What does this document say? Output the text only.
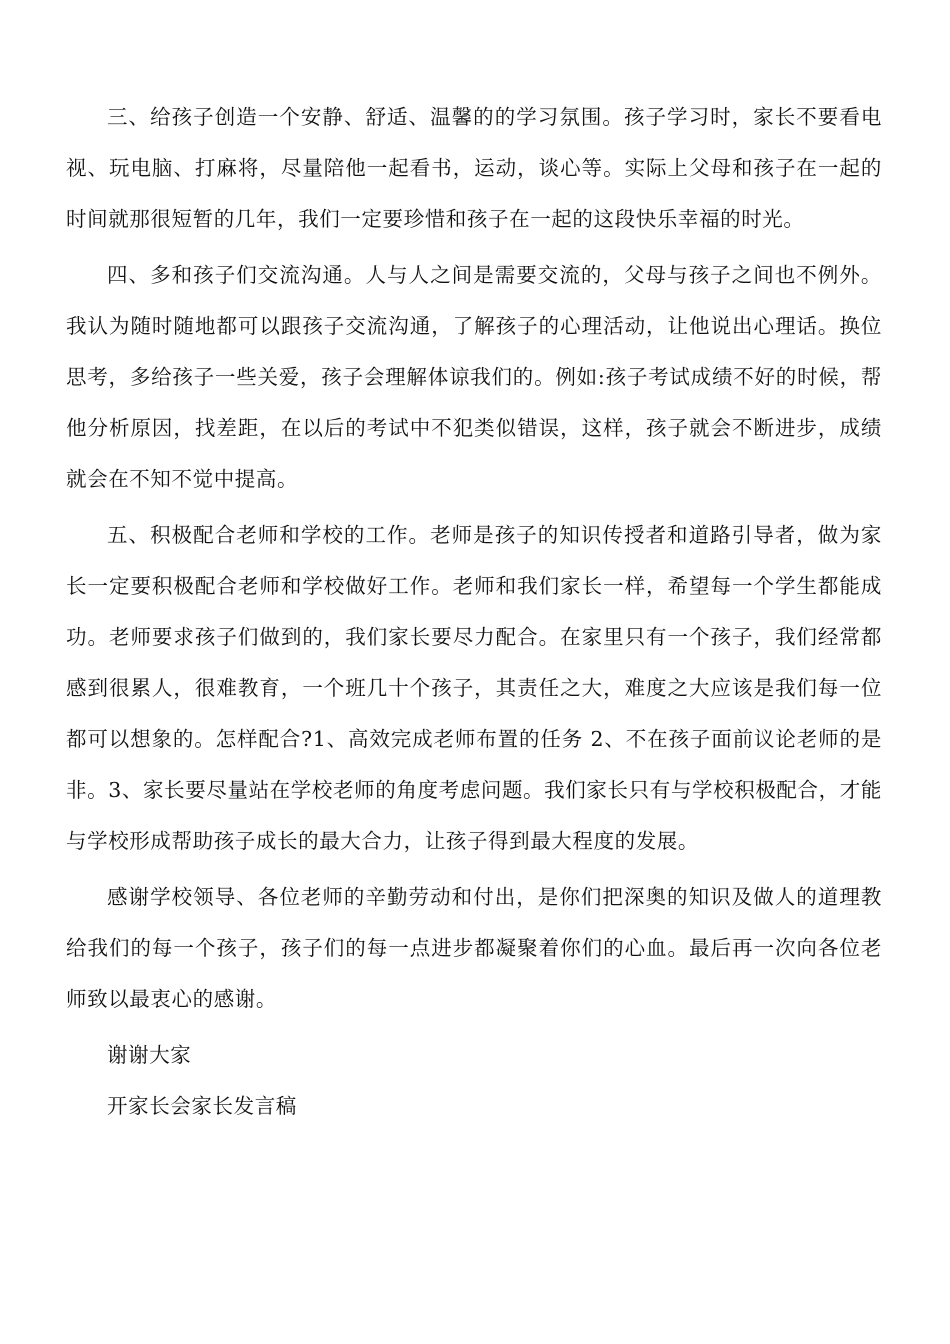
三、给孩子创造一个安静、舒适、温馨的的学习氛围。孩子学习时，家长不要看电视、玩电脑、打麻将，尽量陪他一起看书，运动，谈心等。实际上父母和孩子在一起的时间就那很短暂的几年，我们一定要珍惜和孩子在一起的这段快乐幸福的时光。

四、多和孩子们交流沟通。人与人之间是需要交流的，父母与孩子之间也不例外。我认为随时随地都可以跟孩子交流沟通，了解孩子的心理活动，让他说出心理话。换位思考，多给孩子一些关爱，孩子会理解体谅我们的。例如:孩子考试成绩不好的时候，帮他分析原因，找差距，在以后的考试中不犯类似错误，这样，孩子就会不断进步，成绩就会在不知不觉中提高。

五、积极配合老师和学校的工作。老师是孩子的知识传授者和道路引导者，做为家长一定要积极配合老师和学校做好工作。老师和我们家长一样，希望每一个学生都能成功。老师要求孩子们做到的，我们家长要尽力配合。在家里只有一个孩子，我们经常都感到很累人，很难教育，一个班几十个孩子，其责任之大，难度之大应该是我们每一位都可以想象的。怎样配合?1、高效完成老师布置的任务 2、不在孩子面前议论老师的是非。3、家长要尽量站在学校老师的角度考虑问题。我们家长只有与学校积极配合，才能与学校形成帮助孩子成长的最大合力，让孩子得到最大程度的发展。

感谢学校领导、各位老师的辛勤劳动和付出，是你们把深奥的知识及做人的道理教给我们的每一个孩子，孩子们的每一点进步都凝聚着你们的心血。最后再一次向各位老师致以最衷心的感谢。

谢谢大家

开家长会家长发言稿
